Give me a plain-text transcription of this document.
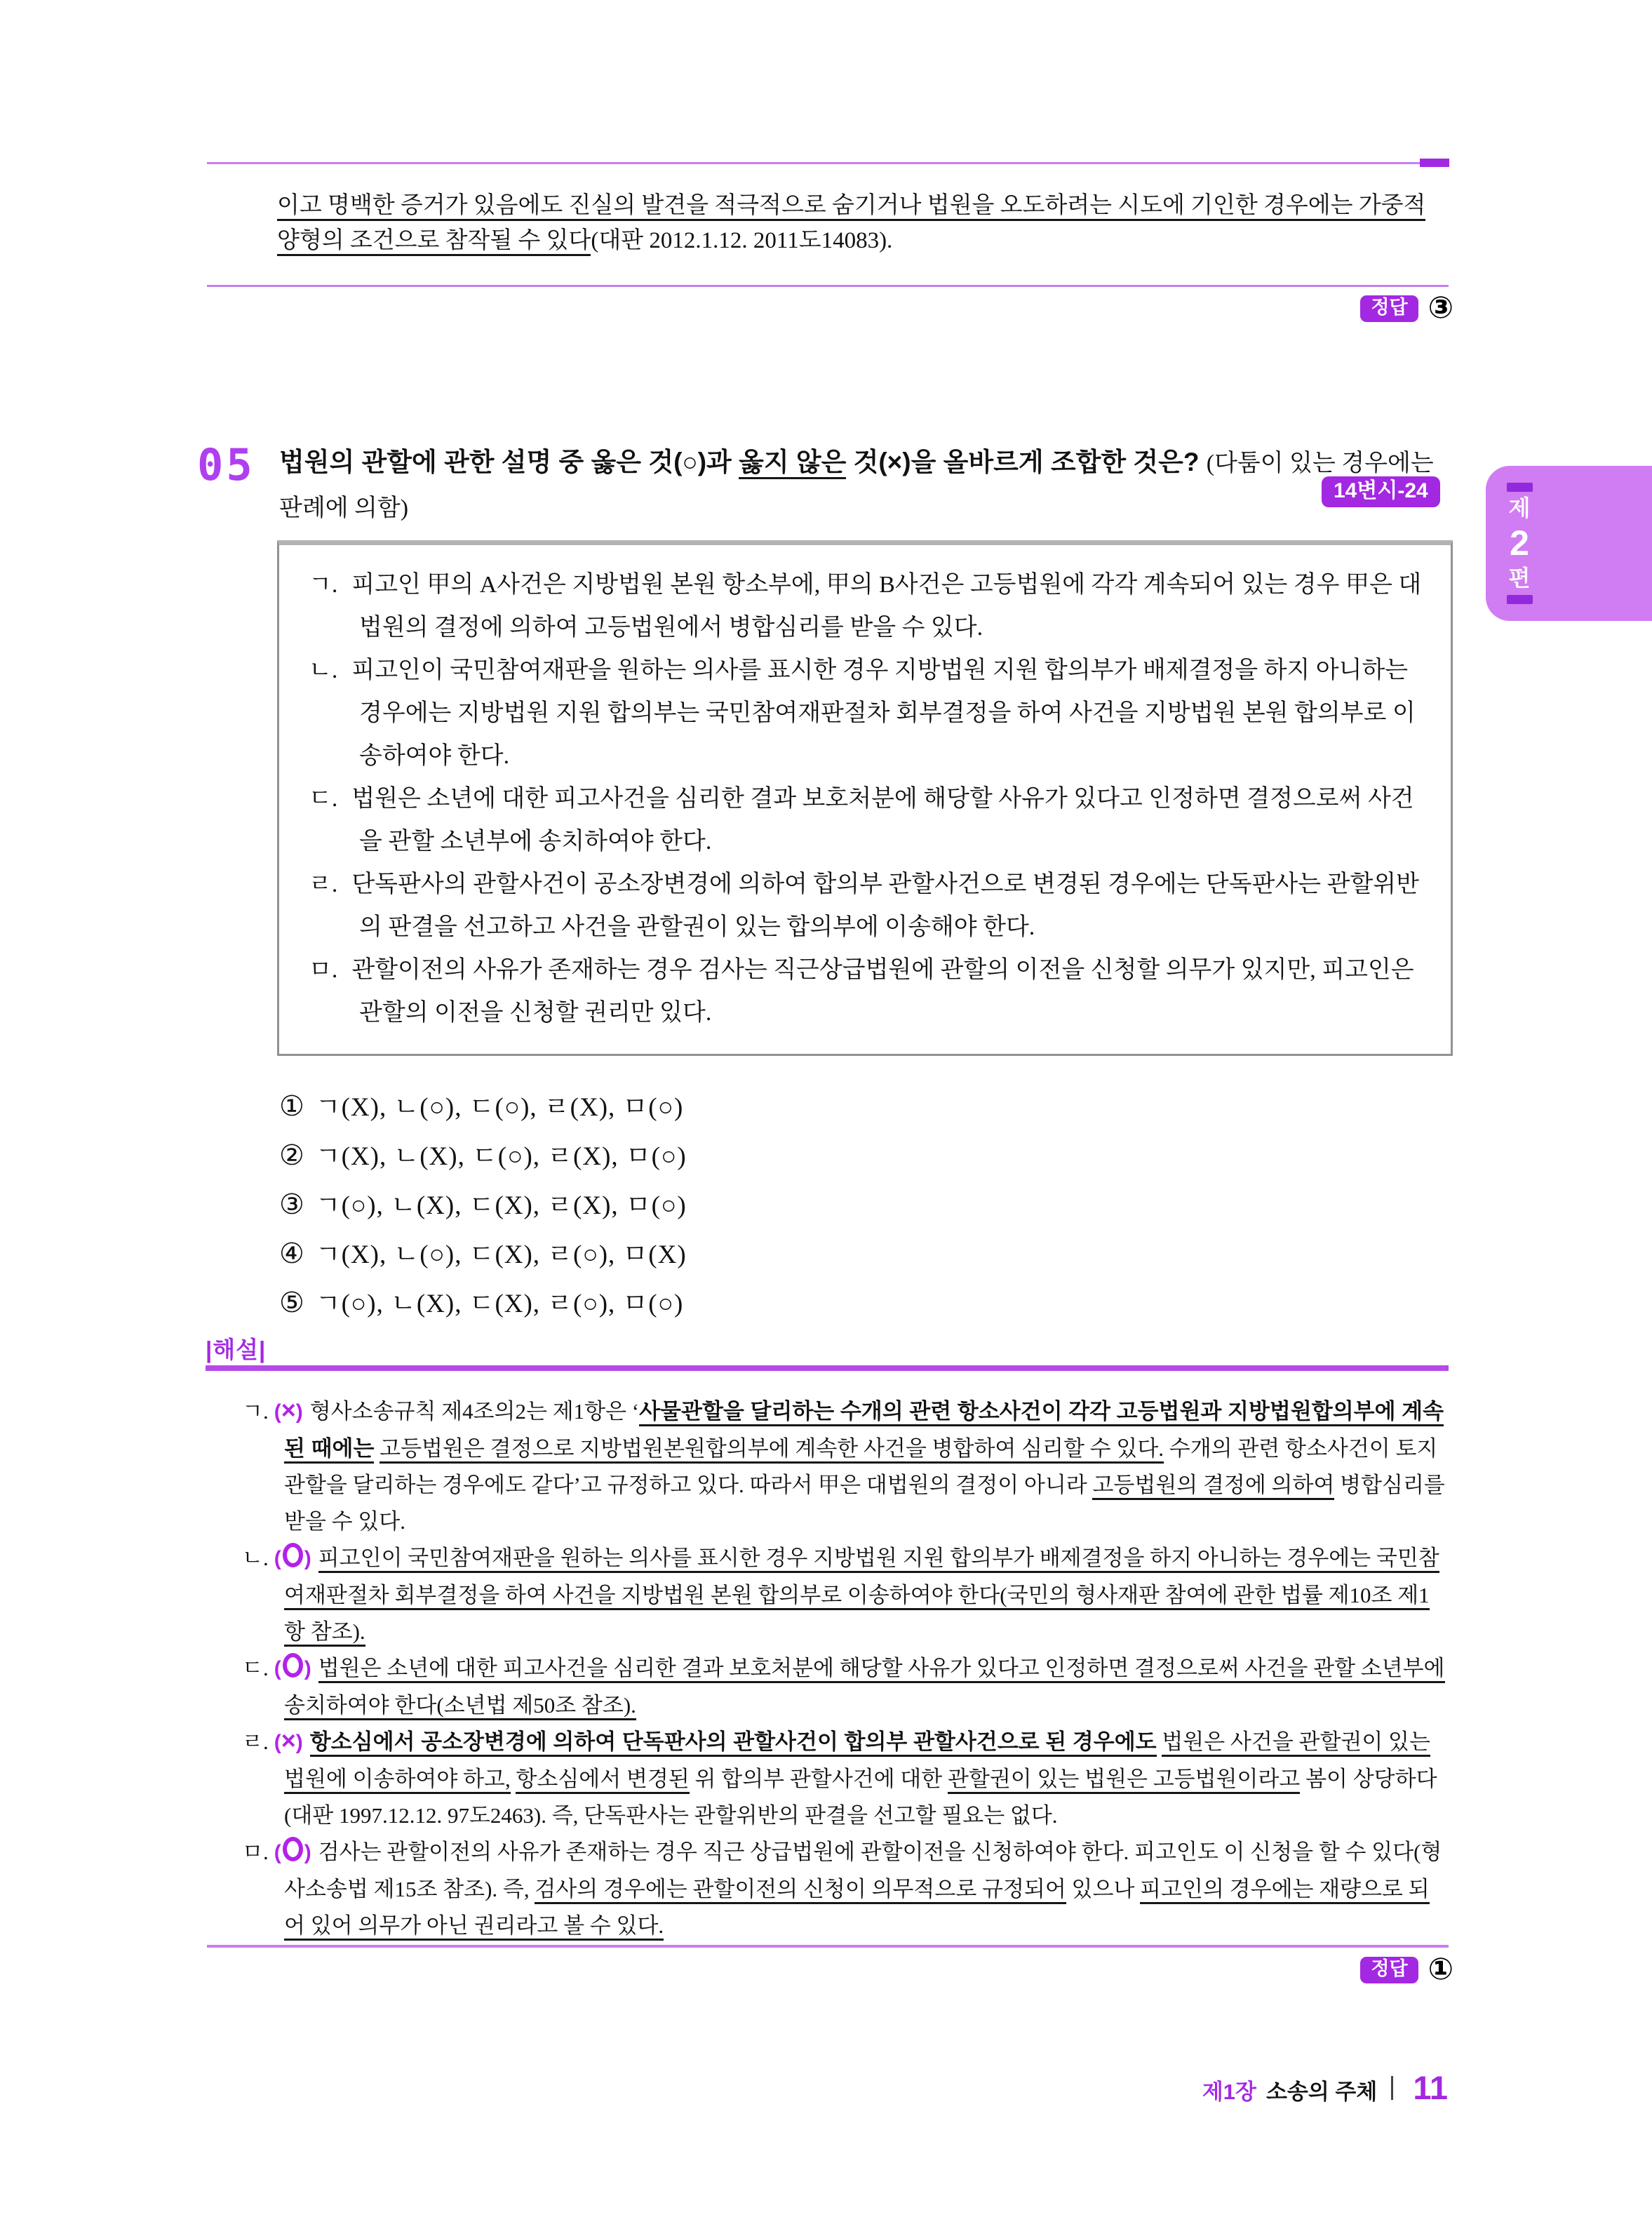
이고 명백한 증거가 있음에도 진실의 발견을 적극적으로 숨기거나 법원을 오도하려는 시도에 기인한 경우에는 가중적 양형의 조건으로 참작될 수 있다(대판 2012.1.12. 2011도14083).

정답 ③
05 법원의 관할에 관한 설명 중 옳은 것(○)과 옳지 않은 것(×)을 올바르게 조합한 것은? (다툼이 있는 경우에는 판례에 의함)

14변시-24
제
2
편
ㄱ. 피고인 甲의 A사건은 지방법원 본원 항소부에, 甲의 B사건은 고등법원에 각각 계속되어 있는 경우 甲은 대법원의 결정에 의하여 고등법원에서 병합심리를 받을 수 있다.
ㄴ. 피고인이 국민참여재판을 원하는 의사를 표시한 경우 지방법원 지원 합의부가 배제결정을 하지 아니하는 경우에는 지방법원 지원 합의부는 국민참여재판절차 회부결정을 하여 사건을 지방법원 본원 합의부로 이송하여야 한다.
ㄷ. 법원은 소년에 대한 피고사건을 심리한 결과 보호처분에 해당할 사유가 있다고 인정하면 결정으로써 사건을 관할 소년부에 송치하여야 한다.
ㄹ. 단독판사의 관할사건이 공소장변경에 의하여 합의부 관할사건으로 변경된 경우에는 단독판사는 관할위반의 판결을 선고하고 사건을 관할권이 있는 합의부에 이송해야 한다.
ㅁ. 관할이전의 사유가 존재하는 경우 검사는 직근상급법원에 관할의 이전을 신청할 의무가 있지만, 피고인은 관할의 이전을 신청할 권리만 있다.
① ㄱ(X), ㄴ(○), ㄷ(○), ㄹ(X), ㅁ(○)
② ㄱ(X), ㄴ(X), ㄷ(○), ㄹ(X), ㅁ(○)
③ ㄱ(○), ㄴ(X), ㄷ(X), ㄹ(X), ㅁ(○)
④ ㄱ(X), ㄴ(○), ㄷ(X), ㄹ(○), ㅁ(X)
⑤ ㄱ(○), ㄴ(X), ㄷ(X), ㄹ(○), ㅁ(○)
|해설|
ㄱ. (×) 형사소송규칙 제4조의2는 제1항은 ‘사물관할을 달리하는 수개의 관련 항소사건이 각각 고등법원과 지방법원합의부에 계속된 때에는 고등법원은 결정으로 지방법원본원합의부에 계속한 사건을 병합하여 심리할 수 있다. 수개의 관련 항소사건이 토지관할을 달리하는 경우에도 같다’고 규정하고 있다. 따라서 甲은 대법원의 결정이 아니라 고등법원의 결정에 의하여 병합심리를 받을 수 있다.
ㄴ. ( ) 피고인이 국민참여재판을 원하는 의사를 표시한 경우 지방법원 지원 합의부가 배제결정을 하지 아니하는 경우에는 국민참여재판절차 회부결정을 하여 사건을 지방법원 본원 합의부로 이송하여야 한다(국민의 형사재판 참여에 관한 법률 제10조 제1항 참조).
ㄷ. ( ) 법원은 소년에 대한 피고사건을 심리한 결과 보호처분에 해당할 사유가 있다고 인정하면 결정으로써 사건을 관할 소년부에 송치하여야 한다(소년법 제50조 참조).
ㄹ. (×) 항소심에서 공소장변경에 의하여 단독판사의 관할사건이 합의부 관할사건으로 된 경우에도 법원은 사건을 관할권이 있는 법원에 이송하여야 하고, 항소심에서 변경된 위 합의부 관할사건에 대한 관할권이 있는 법원은 고등법원이라고 봄이 상당하다(대판 1997.12.12. 97도2463). 즉, 단독판사는 관할위반의 판결을 선고할 필요는 없다.
ㅁ. ( ) 검사는 관할이전의 사유가 존재하는 경우 직근 상급법원에 관할이전을 신청하여야 한다. 피고인도 이 신청을 할 수 있다(형사소송법 제15조 참조). 즉, 검사의 경우에는 관할이전의 신청이 의무적으로 규정되어 있으나 피고인의 경우에는 재량으로 되어 있어 의무가 아닌 권리라고 볼 수 있다.
정답 ①
제1장 소송의 주체 11
